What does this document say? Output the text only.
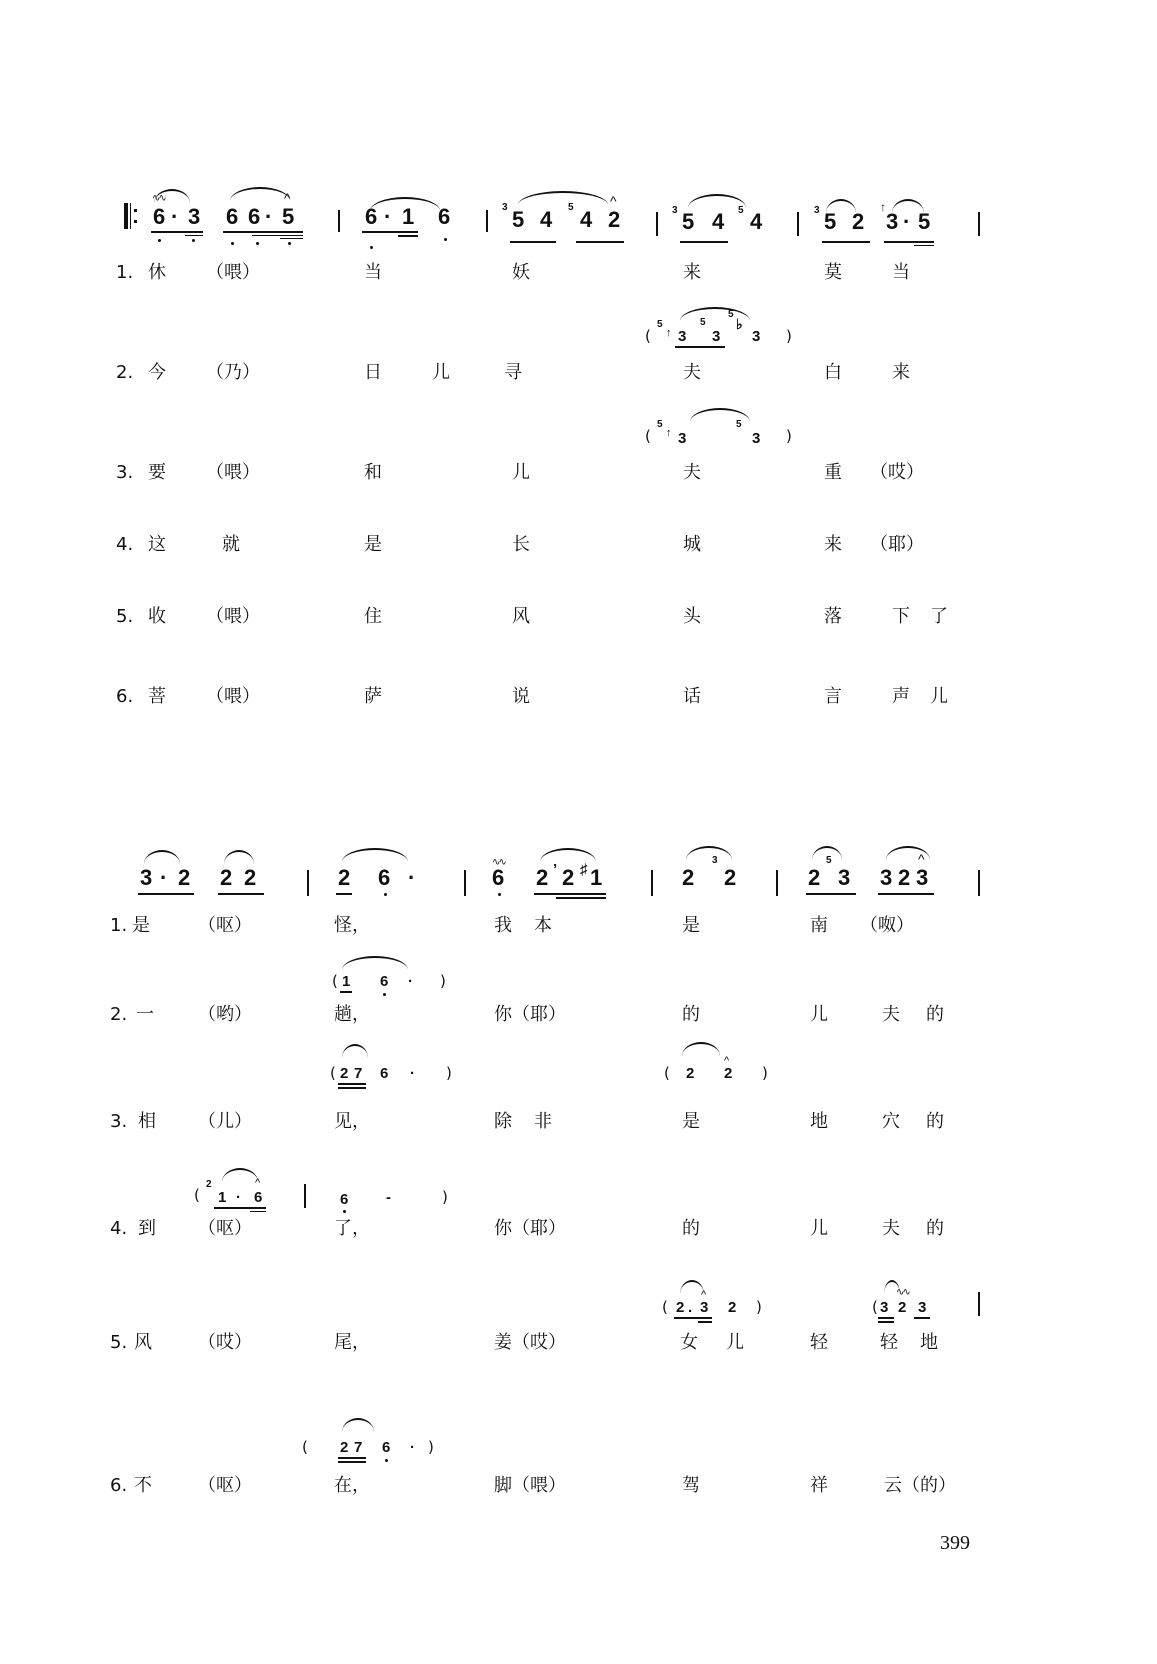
∿∿
6 · 3 6 6 · 5
^
6 · 1 6	3 5 4 5 4 2
^
3 5 4 5 4	3 5 2
↑
3 · 5
1. 休 （喂）	当	妖	来	莫	当
(
5
↑ 3
5
3
5
♭
3 )
2. 今 （乃）	日	儿	寻	夫	白	来
(
5
↑ 3
5
3 )
3. 要 （喂）	和	儿	夫	重 （哎）
4. 这	就	是	长	城	来 （耶）
5. 收 （喂）	住	风	头	落	下 了
6. 菩 （喂）	萨	说	话	言	声 儿
3 · 2 2 2	2 6 ·
∿∿
6 2 ’ 2 ♯ 1	2
3
2	2
5
3 3 2 3
^
1. 是	（呕）	怪，	我 本	是	南 （呶）
( 1 6 · )
2. 一 （哟）	趟，	你（耶）	的	儿	夫 的
( 2 7 6 · )	( 2 2
^
)
3. 相 （儿）	见，	除 非	是	地	穴 的
(
2
1 · 6
^
6	-	)
4. 到 （呕）	了，	你（耶）	的	儿	夫 的
( 2 . 3
^
2 )
∿∿
( 3 2 3
5. 风	（哎）	尾，	姜（哎）	女 儿	轻	轻 地
( 2 7 6 · )
6. 不	（呕）	在，	脚（喂）	驾	祥	云（的）
399
